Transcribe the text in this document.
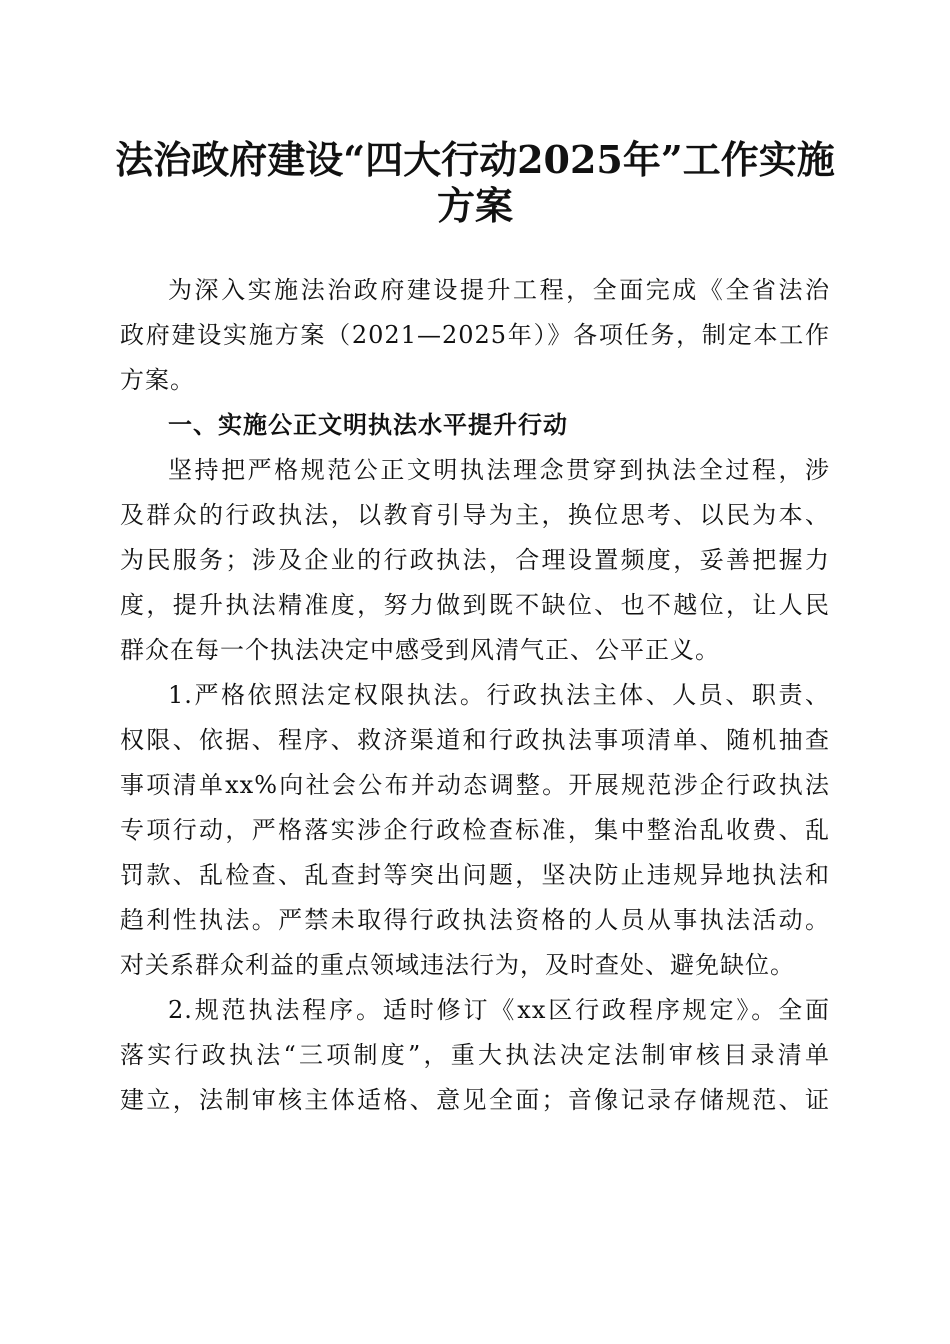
法治政府建设“四大行动2025年”工作实施
方案
为深入实施法治政府建设提升工程，全面完成《全省法治
政府建设实施方案（2021—2025年）》各项任务，制定本工作
方案。
一、实施公正文明执法水平提升行动
坚持把严格规范公正文明执法理念贯穿到执法全过程，涉
及群众的行政执法，以教育引导为主，换位思考、以民为本、
为民服务；涉及企业的行政执法，合理设置频度，妥善把握力
度，提升执法精准度，努力做到既不缺位、也不越位，让人民
群众在每一个执法决定中感受到风清气正、公平正义。
1.严格依照法定权限执法。行政执法主体、人员、职责、
权限、依据、程序、救济渠道和行政执法事项清单、随机抽查
事项清单xx%向社会公布并动态调整。开展规范涉企行政执法
专项行动，严格落实涉企行政检查标准，集中整治乱收费、乱
罚款、乱检查、乱查封等突出问题，坚决防止违规异地执法和
趋利性执法。严禁未取得行政执法资格的人员从事执法活动。
对关系群众利益的重点领域违法行为，及时查处、避免缺位。
2.规范执法程序。适时修订《xx区行政程序规定》。全面
落实行政执法“三项制度”，重大执法决定法制审核目录清单
建立，法制审核主体适格、意见全面；音像记录存储规范、证
